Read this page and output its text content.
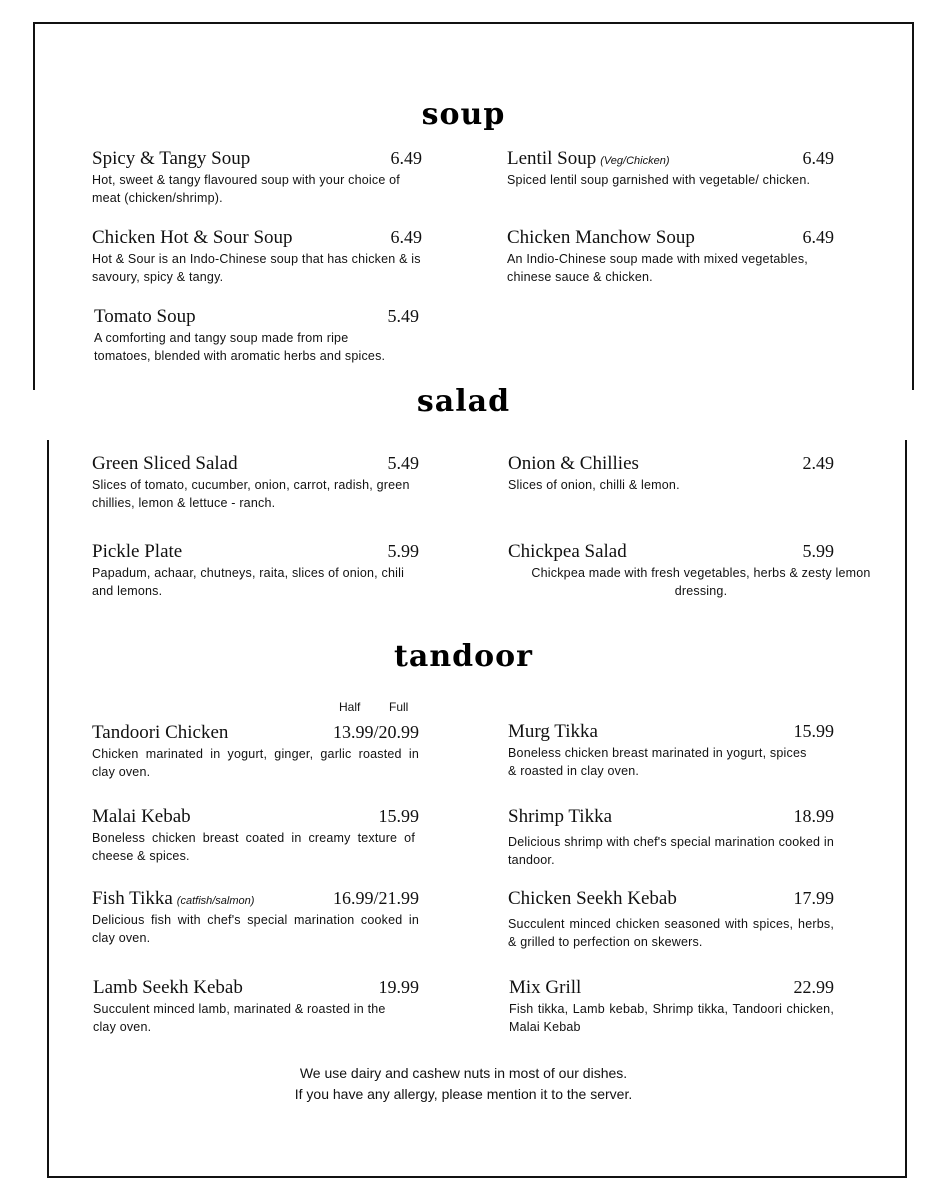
soup
Spicy & Tangy Soup	6.49
Hot, sweet & tangy flavoured soup with your choice of meat (chicken/shrimp).
Lentil Soup (Veg/Chicken)	6.49
Spiced lentil soup garnished with vegetable/ chicken.
Chicken Hot & Sour Soup	6.49
Hot & Sour is an Indo-Chinese soup that has chicken & is savoury, spicy & tangy.
Chicken Manchow Soup	6.49
An Indio-Chinese soup made with mixed vegetables, chinese sauce & chicken.
Tomato Soup	5.49
A comforting and tangy soup made from ripe tomatoes, blended with aromatic herbs and spices.
salad
Green Sliced Salad	5.49
Slices of tomato, cucumber, onion, carrot, radish, green chillies, lemon & lettuce - ranch.
Onion & Chillies	2.49
Slices of onion, chilli & lemon.
Pickle Plate	5.99
Papadum, achaar, chutneys, raita, slices of onion, chili and lemons.
Chickpea Salad	5.99
Chickpea made with fresh vegetables, herbs & zesty lemon dressing.
tandoor
Half Full
Tandoori Chicken	13.99/20.99
Chicken marinated in yogurt, ginger, garlic roasted in clay oven.
Murg Tikka	15.99
Boneless chicken breast marinated in yogurt, spices & roasted in clay oven.
Malai Kebab	15.99
Boneless chicken breast coated in creamy texture of cheese & spices.
Shrimp Tikka	18.99
Delicious shrimp with chef's special marination cooked in tandoor.
Fish Tikka (catfish/salmon)	16.99/21.99
Delicious fish with chef's special marination cooked in clay oven.
Chicken Seekh Kebab	17.99
Succulent minced chicken seasoned with spices, herbs, & grilled to perfection on skewers.
Lamb Seekh Kebab	19.99
Succulent minced lamb, marinated & roasted in the clay oven.
Mix Grill	22.99
Fish tikka, Lamb kebab, Shrimp tikka, Tandoori chicken, Malai Kebab
We use dairy and cashew nuts in most of our dishes.
If you have any allergy, please mention it to the server.
